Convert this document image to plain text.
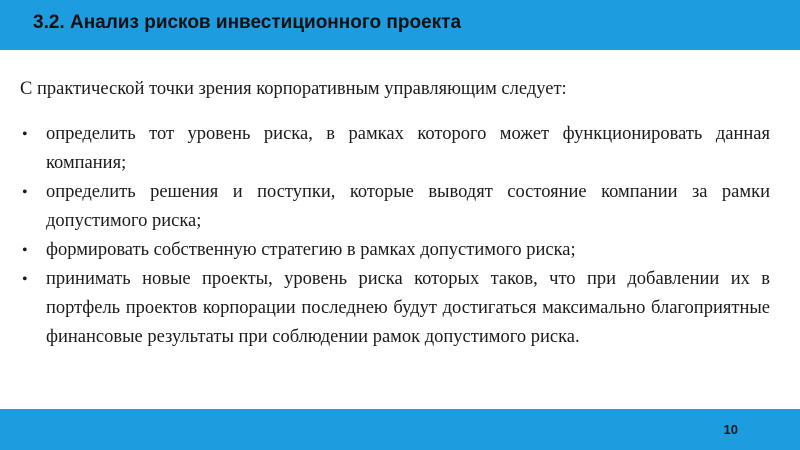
3.2. Анализ рисков инвестиционного проекта

С практической точки зрения корпоративным управляющим следует:

• определить тот уровень риска, в рамках которого может функционировать данная компания;
• определить решения и поступки, которые выводят состояние компании за рамки допустимого риска;
• формировать собственную стратегию в рамках допустимого риска;
• принимать новые проекты, уровень риска которых таков, что при добавлении их в портфель проектов корпорации последнею будут достигаться максимально благоприятные финансовые результаты при соблюдении рамок допустимого риска.
10
